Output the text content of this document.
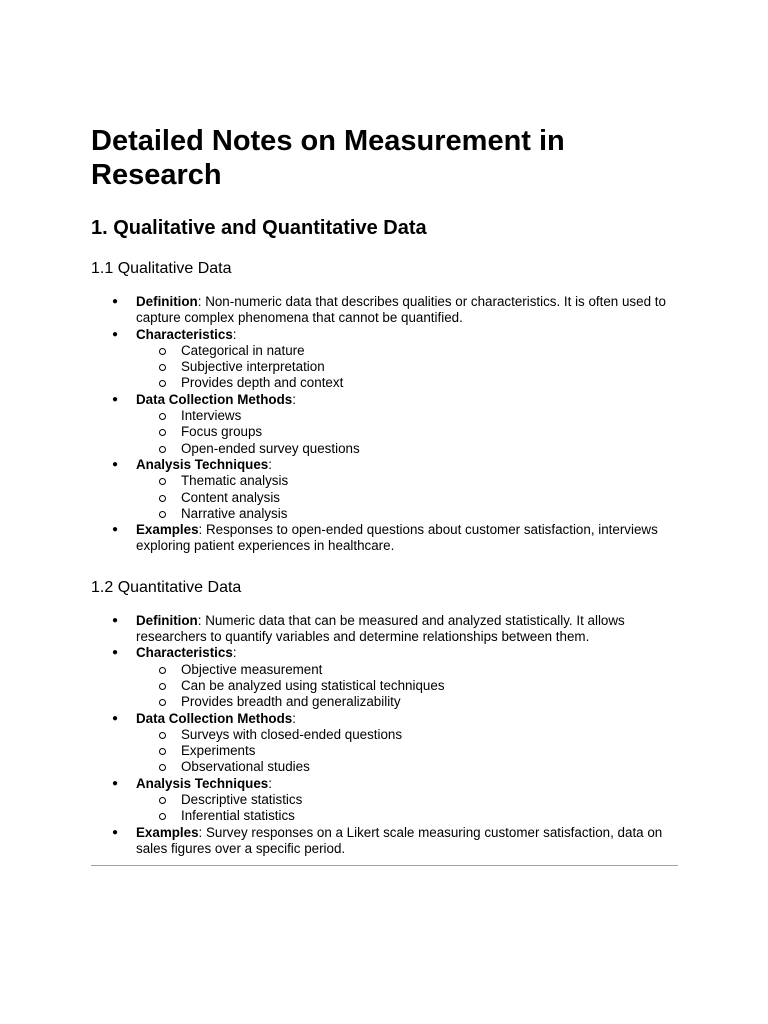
Detailed Notes on Measurement in Research
1. Qualitative and Quantitative Data
1.1 Qualitative Data
● Definition: Non-numeric data that describes qualities or characteristics. It is often used to capture complex phenomena that cannot be quantified.
● Characteristics:
Categorical in nature
Subjective interpretation
Provides depth and context
● Data Collection Methods:
Interviews
Focus groups
Open-ended survey questions
● Analysis Techniques:
Thematic analysis
Content analysis
Narrative analysis
● Examples: Responses to open-ended questions about customer satisfaction, interviews exploring patient experiences in healthcare.
1.2 Quantitative Data
● Definition: Numeric data that can be measured and analyzed statistically. It allows researchers to quantify variables and determine relationships between them.
● Characteristics:
Objective measurement
Can be analyzed using statistical techniques
Provides breadth and generalizability
● Data Collection Methods:
Surveys with closed-ended questions
Experiments
Observational studies
● Analysis Techniques:
Descriptive statistics
Inferential statistics
● Examples: Survey responses on a Likert scale measuring customer satisfaction, data on sales figures over a specific period.
